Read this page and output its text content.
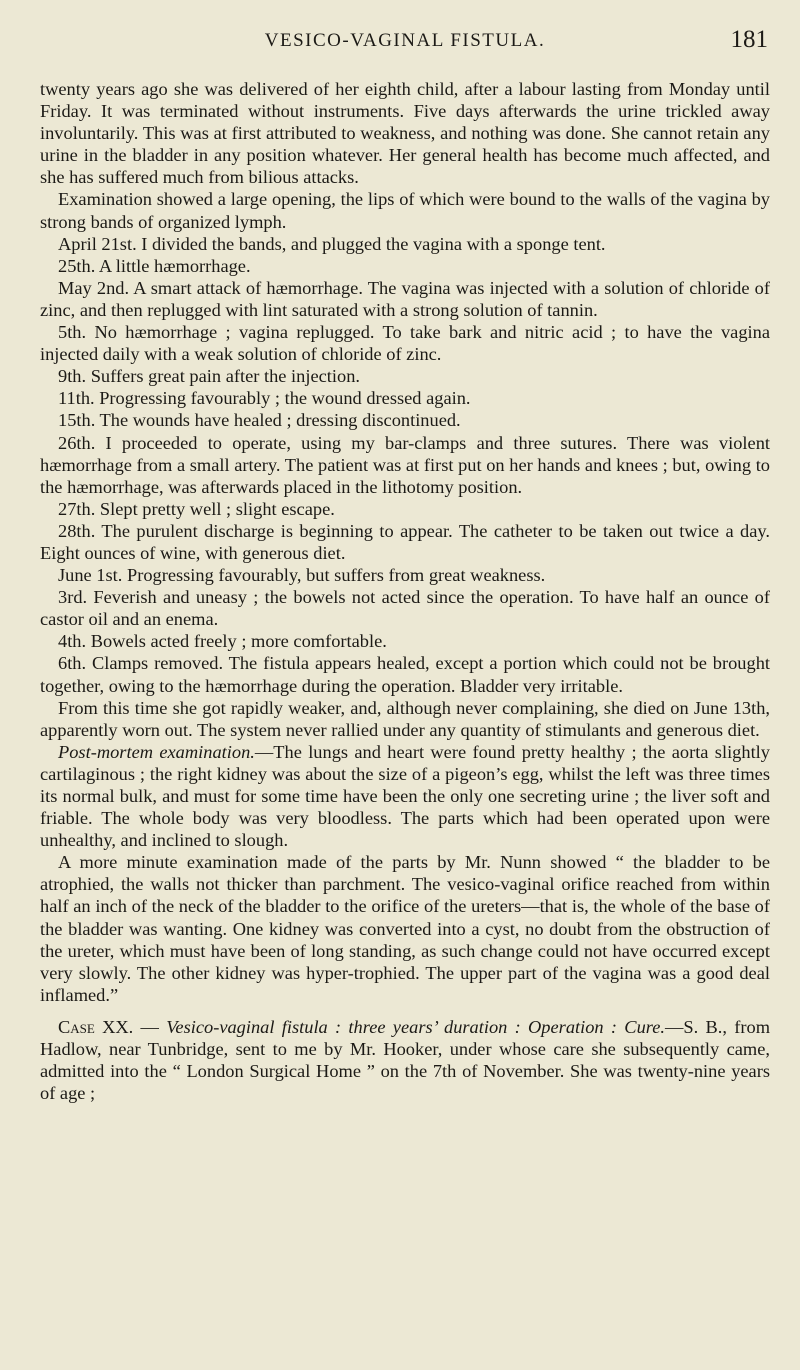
VESICO-VAGINAL FISTULA.	181

twenty years ago she was delivered of her eighth child, after a labour lasting from Monday until Friday. It was terminated without instruments. Five days afterwards the urine trickled away involuntarily. This was at first attributed to weakness, and nothing was done. She cannot retain any urine in the bladder in any position whatever. Her general health has become much affected, and she has suffered much from bilious attacks.

Examination showed a large opening, the lips of which were bound to the walls of the vagina by strong bands of organized lymph.

April 21st. I divided the bands, and plugged the vagina with a sponge tent.

25th. A little hæmorrhage.

May 2nd. A smart attack of hæmorrhage. The vagina was injected with a solution of chloride of zinc, and then replugged with lint saturated with a strong solution of tannin.

5th. No hæmorrhage ; vagina replugged. To take bark and nitric acid ; to have the vagina injected daily with a weak solution of chloride of zinc.

9th. Suffers great pain after the injection.

11th. Progressing favourably ; the wound dressed again.

15th. The wounds have healed ; dressing discontinued.

26th. I proceeded to operate, using my bar-clamps and three sutures. There was violent hæmorrhage from a small artery. The patient was at first put on her hands and knees ; but, owing to the hæmorrhage, was afterwards placed in the lithotomy position.

27th. Slept pretty well ; slight escape.

28th. The purulent discharge is beginning to appear. The catheter to be taken out twice a day. Eight ounces of wine, with generous diet.

June 1st. Progressing favourably, but suffers from great weakness.

3rd. Feverish and uneasy ; the bowels not acted since the operation. To have half an ounce of castor oil and an enema.

4th. Bowels acted freely ; more comfortable.

6th. Clamps removed. The fistula appears healed, except a portion which could not be brought together, owing to the hæmorrhage during the operation. Bladder very irritable.

From this time she got rapidly weaker, and, although never complaining, she died on June 13th, apparently worn out. The system never rallied under any quantity of stimulants and generous diet.

Post-mortem examination.—The lungs and heart were found pretty healthy ; the aorta slightly cartilaginous ; the right kidney was about the size of a pigeon’s egg, whilst the left was three times its normal bulk, and must for some time have been the only one secreting urine ; the liver soft and friable. The whole body was very bloodless. The parts which had been operated upon were unhealthy, and inclined to slough.

A more minute examination made of the parts by Mr. Nunn showed “ the bladder to be atrophied, the walls not thicker than parchment. The vesico-vaginal orifice reached from within half an inch of the neck of the bladder to the orifice of the ureters—that is, the whole of the base of the bladder was wanting. One kidney was converted into a cyst, no doubt from the obstruction of the ureter, which must have been of long standing, as such change could not have occurred except very slowly. The other kidney was hyper-trophied. The upper part of the vagina was a good deal inflamed.”

Case XX. — Vesico-vaginal fistula : three years’ duration : Operation : Cure.—S. B., from Hadlow, near Tunbridge, sent to me by Mr. Hooker, under whose care she subsequently came, admitted into the “ London Surgical Home ” on the 7th of November. She was twenty-nine years of age ;
